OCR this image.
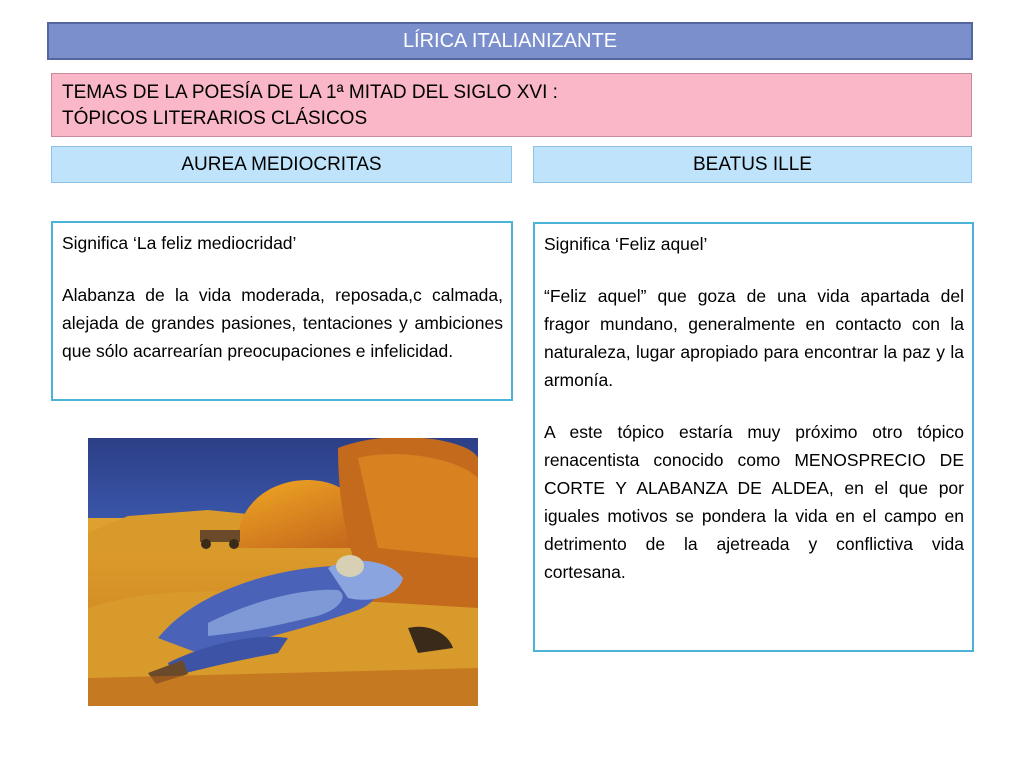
LÍRICA ITALIANIZANTE
TEMAS DE LA POESÍA DE LA 1ª MITAD DEL SIGLO XVI :
TÓPICOS LITERARIOS CLÁSICOS
AUREA MEDIOCRITAS	BEATUS ILLE

Significa ‘La feliz mediocridad’

Alabanza de la vida moderada, reposada,c calmada, alejada de grandes pasiones, tentaciones y ambiciones que sólo acarrearían preocupaciones e infelicidad.

Significa ‘Feliz aquel’

“Feliz aquel” que goza de una vida apartada del fragor mundano, generalmente en contacto con la naturaleza, lugar apropiado para encontrar la paz y la armonía.

A este tópico estaría muy próximo otro tópico renacentista conocido como MENOSPRECIO DE CORTE Y ALABANZA DE ALDEA, en el que por iguales motivos se pondera la vida en el campo en detrimento de la ajetreada y conflictiva vida cortesana.
